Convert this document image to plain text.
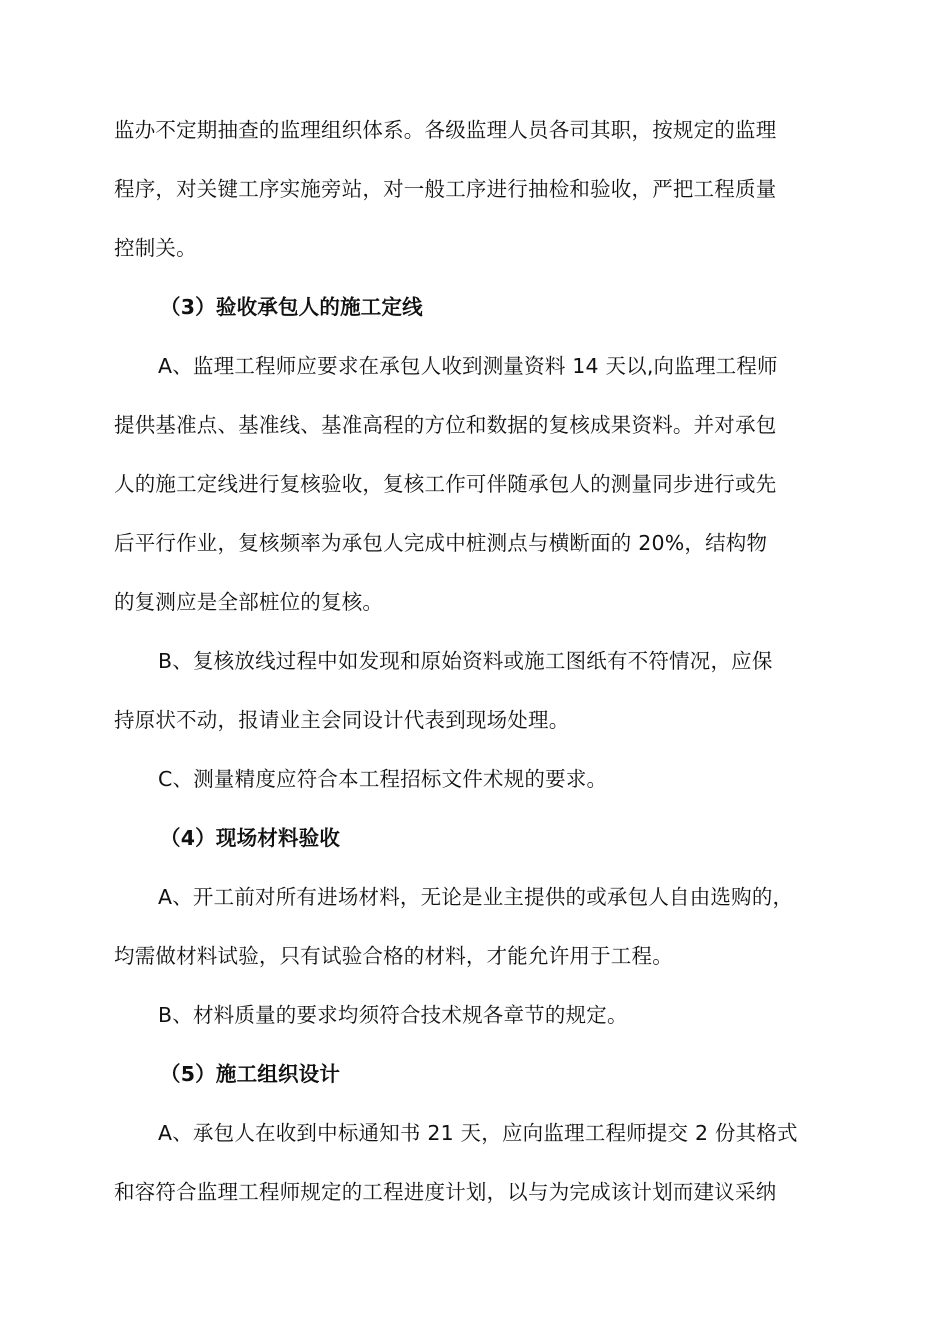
监办不定期抽查的监理组织体系。各级监理人员各司其职，按规定的监理
程序，对关键工序实施旁站，对一般工序进行抽检和验收，严把工程质量
控制关。
（3）验收承包人的施工定线
A、监理工程师应要求在承包人收到测量资料 14 天以,向监理工程师
提供基准点、基准线、基准高程的方位和数据的复核成果资料。并对承包
人的施工定线进行复核验收，复核工作可伴随承包人的测量同步进行或先
后平行作业，复核频率为承包人完成中桩测点与横断面的 20%，结构物
的复测应是全部桩位的复核。
B、复核放线过程中如发现和原始资料或施工图纸有不符情况，应保
持原状不动，报请业主会同设计代表到现场处理。
C、测量精度应符合本工程招标文件术规的要求。
（4）现场材料验收
A、开工前对所有进场材料，无论是业主提供的或承包人自由选购的，
均需做材料试验，只有试验合格的材料，才能允许用于工程。
B、材料质量的要求均须符合技术规各章节的规定。
（5）施工组织设计
A、承包人在收到中标通知书 21 天，应向监理工程师提交 2 份其格式
和容符合监理工程师规定的工程进度计划，以与为完成该计划而建议采纳
